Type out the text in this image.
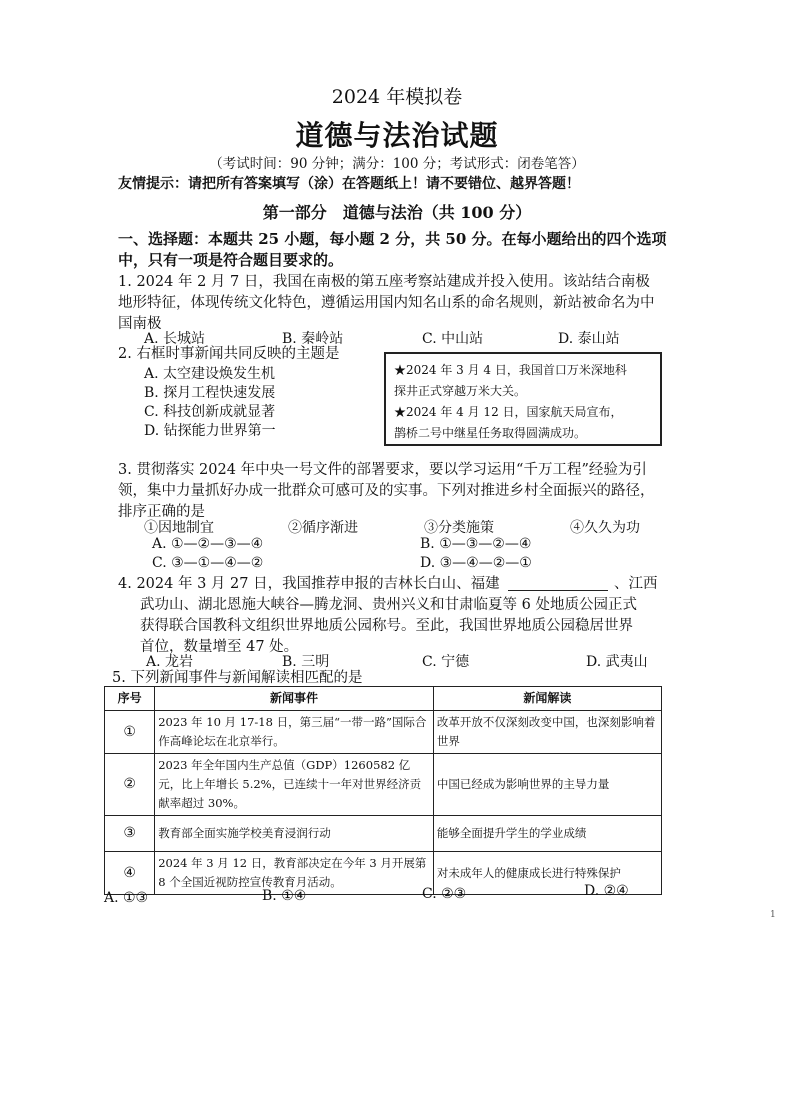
2024 年模拟卷
道德与法治试题
（考试时间：90 分钟；满分：100 分；考试形式：闭卷笔答）
友情提示：请把所有答案填写（涂）在答题纸上！请不要错位、越界答题！
第一部分　道德与法治（共 100 分）
一、选择题：本题共 25 小题，每小题 2 分，共 50 分。在每小题给出的四个选项中，只有一项是符合题目要求的。
1. 2024 年 2 月 7 日，我国在南极的第五座考察站建成并投入使用。该站结合南极地形特征，体现传统文化特色，遵循运用国内知名山系的命名规则，新站被命名为中国南极
A. 长城站	B. 秦岭站	C. 中山站	D. 泰山站
2. 右框时事新闻共同反映的主题是
A. 太空建设焕发生机
B. 探月工程快速发展
C. 科技创新成就显著
D. 钻探能力世界第一
★2024 年 3 月 4 日，我国首口万米深地科
探井正式穿越万米大关。
★2024 年 4 月 12 日，国家航天局宣布，
鹊桥二号中继星任务取得圆满成功。
3. 贯彻落实 2024 年中央一号文件的部署要求，要以学习运用“千万工程”经验为引领，集中力量抓好办成一批群众可感可及的实事。下列对推进乡村全面振兴的路径，排序正确的是
①因地制宜	②循序渐进	③分类施策	④久久为功
A. ①—②—③—④	B. ①—③—②—④
C. ③—①—④—②	D. ③—④—②—①
4. 2024 年 3 月 27 日，我国推荐申报的吉林长白山、福建	、江西
武功山、湖北恩施大峡谷—腾龙洞、贵州兴义和甘肃临夏等 6 处地质公园正式
获得联合国教科文组织世界地质公园称号。至此，我国世界地质公园稳居世界
首位，数量增至 47 处。
A. 龙岩	B. 三明	C. 宁德	D. 武夷山
5. 下列新闻事件与新闻解读相匹配的是
序号	新闻事件	新闻解读
①	2023 年 10 月 17-18 日，第三届“一带一路”国际合作高峰论坛在北京举行。	改革开放不仅深刻改变中国，也深刻影响着世界
②	2023 年全年国内生产总值（GDP）1260582 亿元，比上年增长 5.2%，已连续十一年对世界经济贡献率超过 30%。	中国已经成为影响世界的主导力量
③	教育部全面实施学校美育浸润行动	能够全面提升学生的学业成绩
④	2024 年 3 月 12 日，教育部决定在今年 3 月开展第 8 个全国近视防控宣传教育月活动。	对未成年人的健康成长进行特殊保护
A. ①③	B. ①④	C. ②③	D. ②④
1
